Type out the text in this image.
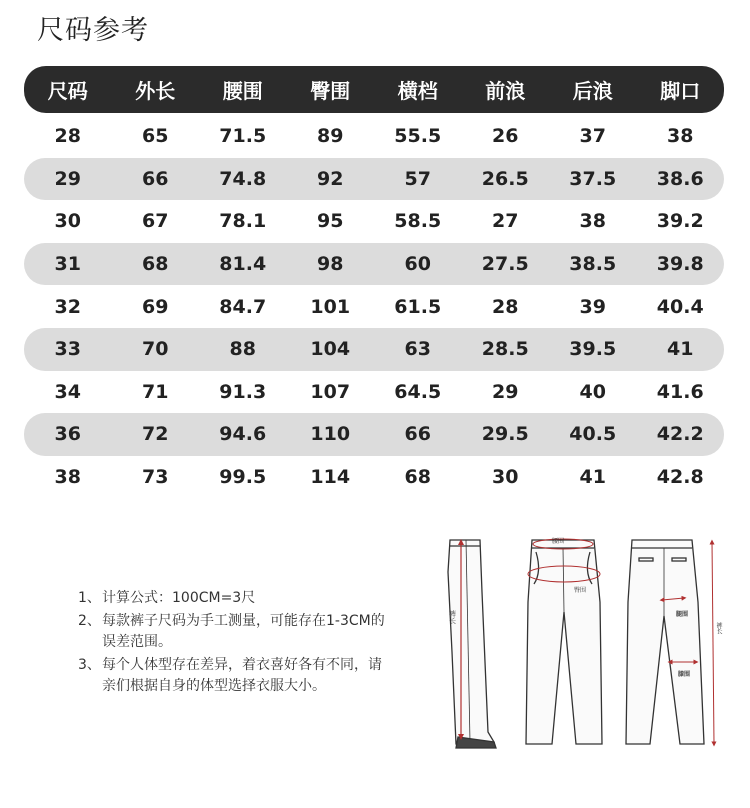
尺码参考
尺码	外长	腰围	臀围	横档	前浪	后浪	脚口
28	65	71.5	89	55.5	26	37	38
29	66	74.8	92	57	26.5	37.5	38.6
30	67	78.1	95	58.5	27	38	39.2
31	68	81.4	98	60	27.5	38.5	39.8
32	69	84.7	101	61.5	28	39	40.4
33	70	88	104	63	28.5	39.5	41
34	71	91.3	107	64.5	29	40	41.6
36	72	94.6	110	66	29.5	40.5	42.2
38	73	99.5	114	68	30	41	42.8
1、计算公式：100CM=3尺
2、每款裤子尺码为手工测量，可能存在1-3CM的
误差范围。
3、每个人体型存在差异，着衣喜好各有不同，请
亲们根据自身的体型选择衣服大小。
裤长
腰围
臀围
腿围
膝围
裤长
